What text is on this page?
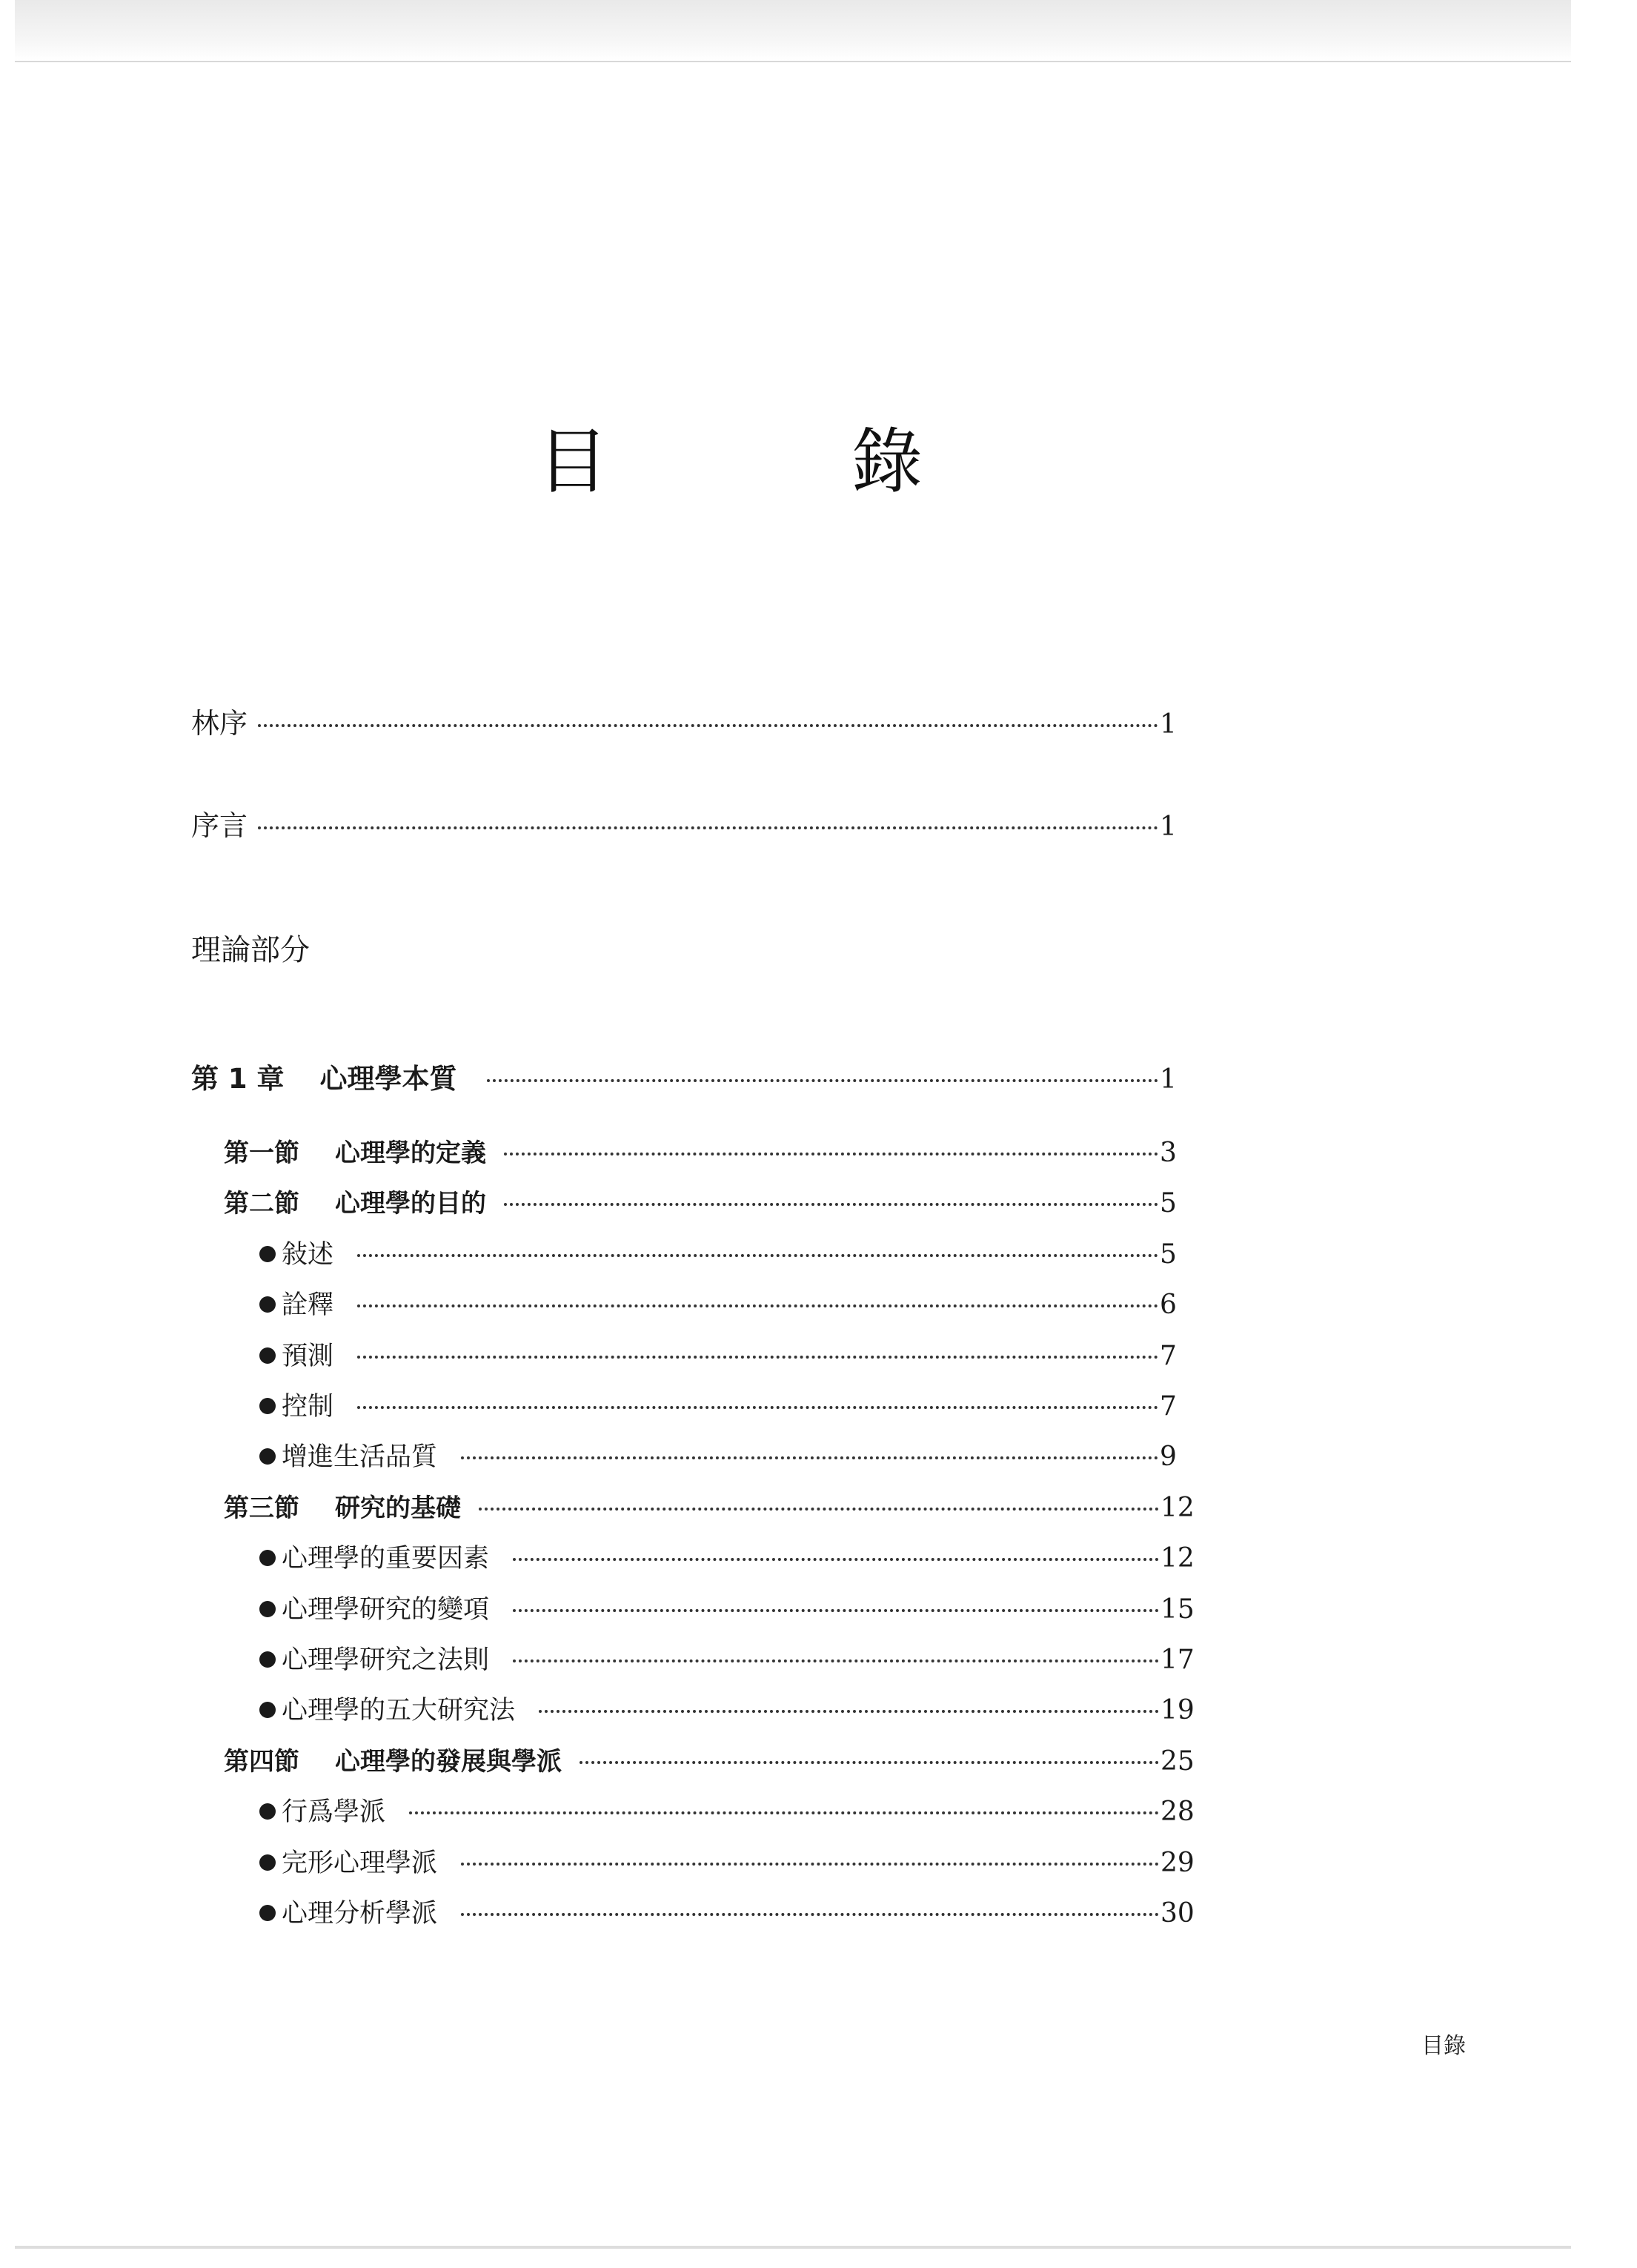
目	錄
林序	1
序言	1
理論部分
第 1 章 心理學本質	1
第一節 心理學的定義	3
第二節 心理學的目的	5
敍述	5
詮釋	6
預測	7
控制	7
增進生活品質	9
第三節 研究的基礎	12
心理學的重要因素	12
心理學研究的變項	15
心理學研究之法則	17
心理學的五大研究法	19
第四節 心理學的發展與學派	25
行爲學派	28
完形心理學派	29
心理分析學派	30
目錄
